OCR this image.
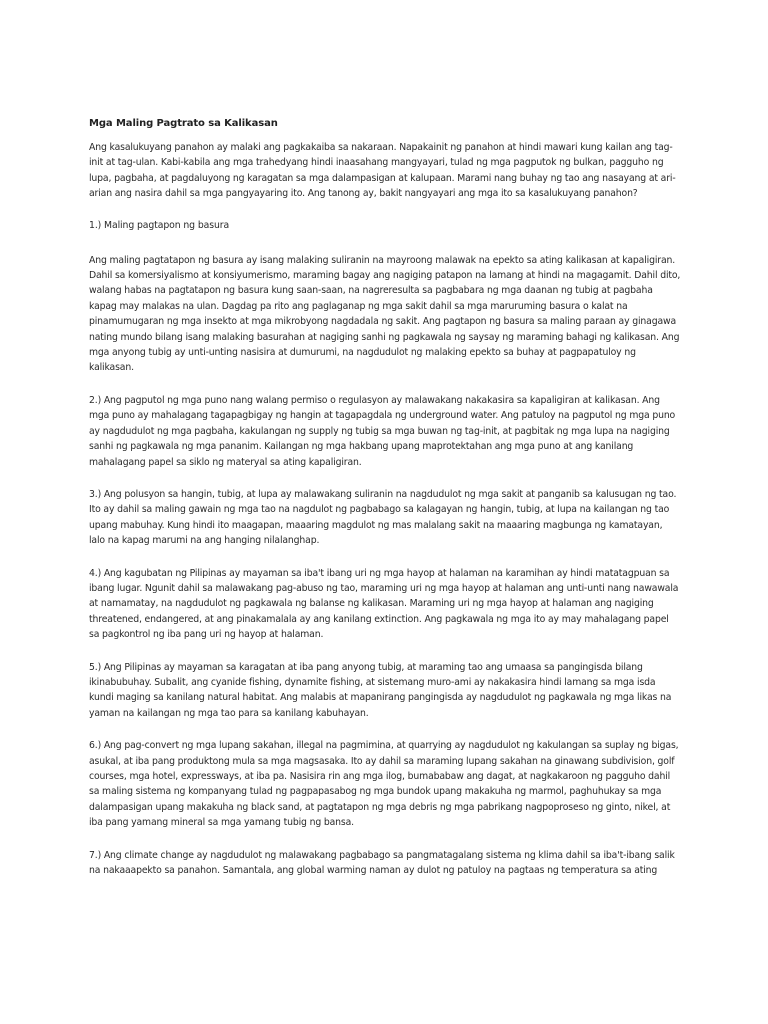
Mga Maling Pagtrato sa Kalikasan

Ang kasalukuyang panahon ay malaki ang pagkakaiba sa nakaraan. Napakainit ng panahon at hindi mawari kung kailan ang tag-init at tag-ulan. Kabi-kabila ang mga trahedyang hindi inaasahang mangyayari, tulad ng mga pagputok ng bulkan, pagguho ng lupa, pagbaha, at pagdaluyong ng karagatan sa mga dalampasigan at kalupaan. Marami nang buhay ng tao ang nasayang at ari-arian ang nasira dahil sa mga pangyayaring ito. Ang tanong ay, bakit nangyayari ang mga ito sa kasalukuyang panahon?

1.) Maling pagtapon ng basura

Ang maling pagtatapon ng basura ay isang malaking suliranin na mayroong malawak na epekto sa ating kalikasan at kapaligiran. Dahil sa komersiyalismo at konsiyumerismo, maraming bagay ang nagiging patapon na lamang at hindi na magagamit. Dahil dito, walang habas na pagtatapon ng basura kung saan-saan, na nagreresulta sa pagbabara ng mga daanan ng tubig at pagbaha kapag may malakas na ulan. Dagdag pa rito ang paglaganap ng mga sakit dahil sa mga maruruming basura o kalat na pinamumugaran ng mga insekto at mga mikrobyong nagdadala ng sakit. Ang pagtapon ng basura sa maling paraan ay ginagawa nating mundo bilang isang malaking basurahan at nagiging sanhi ng pagkawala ng saysay ng maraming bahagi ng kalikasan. Ang mga anyong tubig ay unti-unting nasisira at dumurumi, na nagdudulot ng malaking epekto sa buhay at pagpapatuloy ng kalikasan.

2.) Ang pagputol ng mga puno nang walang permiso o regulasyon ay malawakang nakakasira sa kapaligiran at kalikasan. Ang mga puno ay mahalagang tagapagbigay ng hangin at tagapagdala ng underground water. Ang patuloy na pagputol ng mga puno ay nagdudulot ng mga pagbaha, kakulangan ng supply ng tubig sa mga buwan ng tag-init, at pagbitak ng mga lupa na nagiging sanhi ng pagkawala ng mga pananim. Kailangan ng mga hakbang upang maprotektahan ang mga puno at ang kanilang mahalagang papel sa siklo ng materyal sa ating kapaligiran.

3.) Ang polusyon sa hangin, tubig, at lupa ay malawakang suliranin na nagdudulot ng mga sakit at panganib sa kalusugan ng tao. Ito ay dahil sa maling gawain ng mga tao na nagdulot ng pagbabago sa kalagayan ng hangin, tubig, at lupa na kailangan ng tao upang mabuhay. Kung hindi ito maagapan, maaaring magdulot ng mas malalang sakit na maaaring magbunga ng kamatayan, lalo na kapag marumi na ang hanging nilalanghap.

4.) Ang kagubatan ng Pilipinas ay mayaman sa iba't ibang uri ng mga hayop at halaman na karamihan ay hindi matatagpuan sa ibang lugar. Ngunit dahil sa malawakang pag-abuso ng tao, maraming uri ng mga hayop at halaman ang unti-unti nang nawawala at namamatay, na nagdudulot ng pagkawala ng balanse ng kalikasan. Maraming uri ng mga hayop at halaman ang nagiging threatened, endangered, at ang pinakamalala ay ang kanilang extinction. Ang pagkawala ng mga ito ay may mahalagang papel sa pagkontrol ng iba pang uri ng hayop at halaman.

5.) Ang Pilipinas ay mayaman sa karagatan at iba pang anyong tubig, at maraming tao ang umaasa sa pangingisda bilang ikinabubuhay. Subalit, ang cyanide fishing, dynamite fishing, at sistemang muro-ami ay nakakasira hindi lamang sa mga isda kundi maging sa kanilang natural habitat. Ang malabis at mapanirang pangingisda ay nagdudulot ng pagkawala ng mga likas na yaman na kailangan ng mga tao para sa kanilang kabuhayan.

6.) Ang pag-convert ng mga lupang sakahan, illegal na pagmimina, at quarrying ay nagdudulot ng kakulangan sa suplay ng bigas, asukal, at iba pang produktong mula sa mga magsasaka. Ito ay dahil sa maraming lupang sakahan na ginawang subdivision, golf courses, mga hotel, expressways, at iba pa. Nasisira rin ang mga ilog, bumababaw ang dagat, at nagkakaroon ng pagguho dahil sa maling sistema ng kompanyang tulad ng pagpapasabog ng mga bundok upang makakuha ng marmol, paghuhukay sa mga dalampasigan upang makakuha ng black sand, at pagtatapon ng mga debris ng mga pabrikang nagpoproseso ng ginto, nikel, at iba pang yamang mineral sa mga yamang tubig ng bansa.

7.) Ang climate change ay nagdudulot ng malawakang pagbabago sa pangmatagalang sistema ng klima dahil sa iba't-ibang salik na nakaaapekto sa panahon. Samantala, ang global warming naman ay dulot ng patuloy na pagtaas ng temperatura sa ating
